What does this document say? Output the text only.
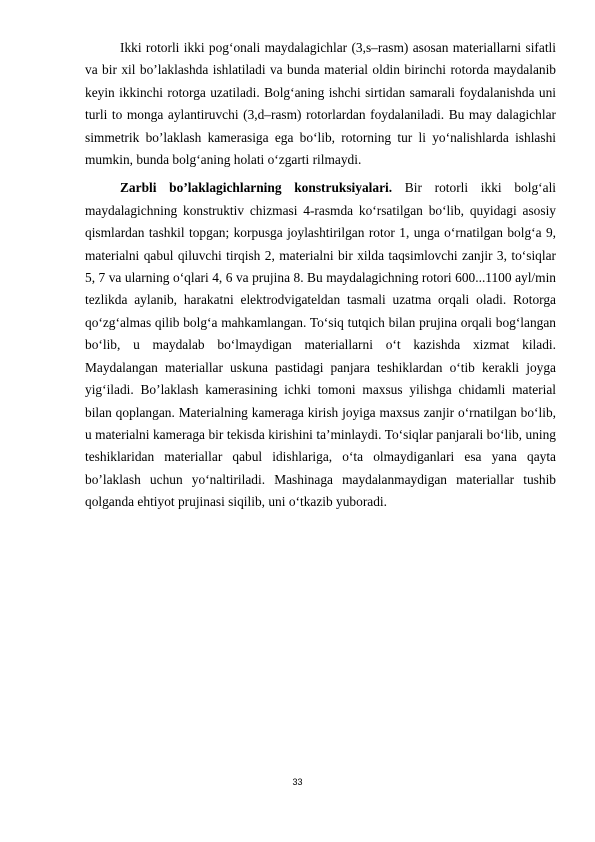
Ikki rotorli ikki pog‘onali maydalagichlar (3,s–rasm) asosan materiallarni sifatli va bir xil bo’laklashda ishlatiladi va bunda material oldin birinchi rotorda maydalanib keyin ikkinchi rotorga uzatiladi. Bolg‘aning ishchi sirtidan samarali foydalanishda uni turli to monga aylantiruvchi (3,d–rasm) rotorlardan foydalaniladi. Bu may dalagichlar simmetrik bo’laklash kamerasiga ega bo‘lib, rotorning tur li yo‘nalishlarda ishlashi mumkin, bunda bolg‘aning holati o‘zgarti rilmaydi.

Zarbli bo’laklagichlarning konstruksiyalari. Bir rotorli ikki bolg‘ali maydalagichning konstruktiv chizmasi 4-rasmda ko‘rsatilgan bo‘lib, quyidagi asosiy qismlardan tashkil topgan; korpusga joylashtirilgan rotor 1, unga o‘rnatilgan bolg‘a 9, materialni qabul qiluvchi tirqish 2, materialni bir xilda taqsimlovchi zanjir 3, to‘siqlar 5, 7 va ularning o‘qlari 4, 6 va prujina 8. Bu maydalagichning rotori 600...1100 ayl/min tezlikda aylanib, harakatni elektrodvigateldan tasmali uzatma orqali oladi. Rotorga qo‘zg‘almas qilib bolg‘a mahkamlangan. To‘siq tutqich bilan prujina orqali bog‘langan bo‘lib, u maydalab bo‘lmaydigan materiallarni o‘t kazishda xizmat kiladi. Maydalangan materiallar uskuna pastidagi panjara teshiklardan o‘tib kerakli joyga yig‘iladi. Bo’laklash kamerasining ichki tomoni maxsus yilishga chidamli material bilan qoplangan. Materialning kameraga kirish joyiga maxsus zanjir o‘rnatilgan bo‘lib, u materialni kameraga bir tekisda kirishini ta’minlaydi. To‘siqlar panjarali bo‘lib, uning teshiklaridan materiallar qabul idishlariga, o‘ta olmaydiganlari esa yana qayta bo’laklash uchun yo‘naltiriladi. Mashinaga maydalanmaydigan materiallar tushib qolganda ehtiyot prujinasi siqilib, uni o‘tkazib yuboradi.

33
